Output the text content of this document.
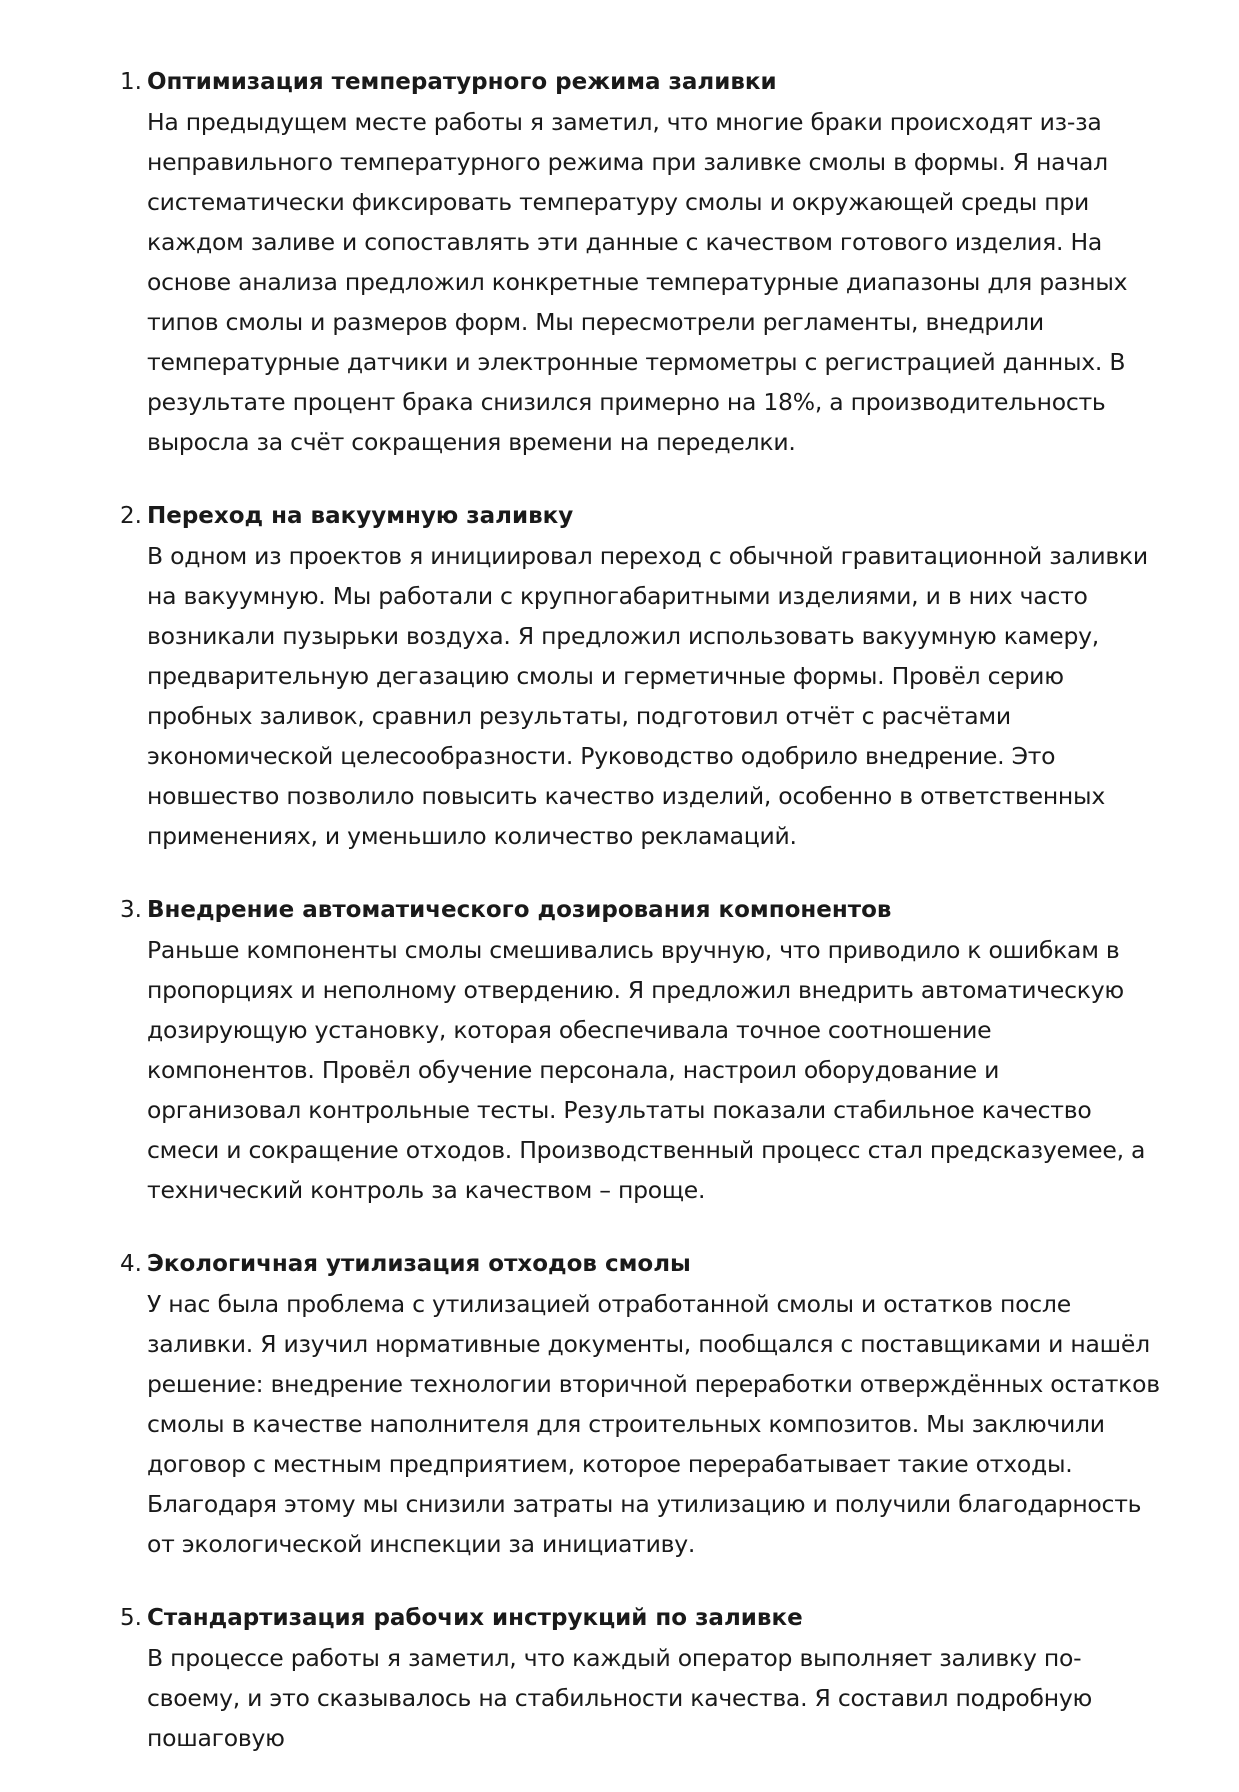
1. Оптимизация температурного режима заливки
На предыдущем месте работы я заметил, что многие браки происходят из-за неправильного температурного режима при заливке смолы в формы. Я начал систематически фиксировать температуру смолы и окружающей среды при каждом заливе и сопоставлять эти данные с качеством готового изделия. На основе анализа предложил конкретные температурные диапазоны для разных типов смолы и размеров форм. Мы пересмотрели регламенты, внедрили температурные датчики и электронные термометры с регистрацией данных. В результате процент брака снизился примерно на 18%, а производительность выросла за счёт сокращения времени на переделки.
2. Переход на вакуумную заливку
В одном из проектов я инициировал переход с обычной гравитационной заливки на вакуумную. Мы работали с крупногабаритными изделиями, и в них часто возникали пузырьки воздуха. Я предложил использовать вакуумную камеру, предварительную дегазацию смолы и герметичные формы. Провёл серию пробных заливок, сравнил результаты, подготовил отчёт с расчётами экономической целесообразности. Руководство одобрило внедрение. Это новшество позволило повысить качество изделий, особенно в ответственных применениях, и уменьшило количество рекламаций.
3. Внедрение автоматического дозирования компонентов
Раньше компоненты смолы смешивались вручную, что приводило к ошибкам в пропорциях и неполному отвердению. Я предложил внедрить автоматическую дозирующую установку, которая обеспечивала точное соотношение компонентов. Провёл обучение персонала, настроил оборудование и организовал контрольные тесты. Результаты показали стабильное качество смеси и сокращение отходов. Производственный процесс стал предсказуемее, а технический контроль за качеством – проще.
4. Экологичная утилизация отходов смолы
У нас была проблема с утилизацией отработанной смолы и остатков после заливки. Я изучил нормативные документы, пообщался с поставщиками и нашёл решение: внедрение технологии вторичной переработки отверждённых остатков смолы в качестве наполнителя для строительных композитов. Мы заключили договор с местным предприятием, которое перерабатывает такие отходы. Благодаря этому мы снизили затраты на утилизацию и получили благодарность от экологической инспекции за инициативу.
5. Стандартизация рабочих инструкций по заливке
В процессе работы я заметил, что каждый оператор выполняет заливку по-своему, и это сказывалось на стабильности качества. Я составил подробную пошаговую
